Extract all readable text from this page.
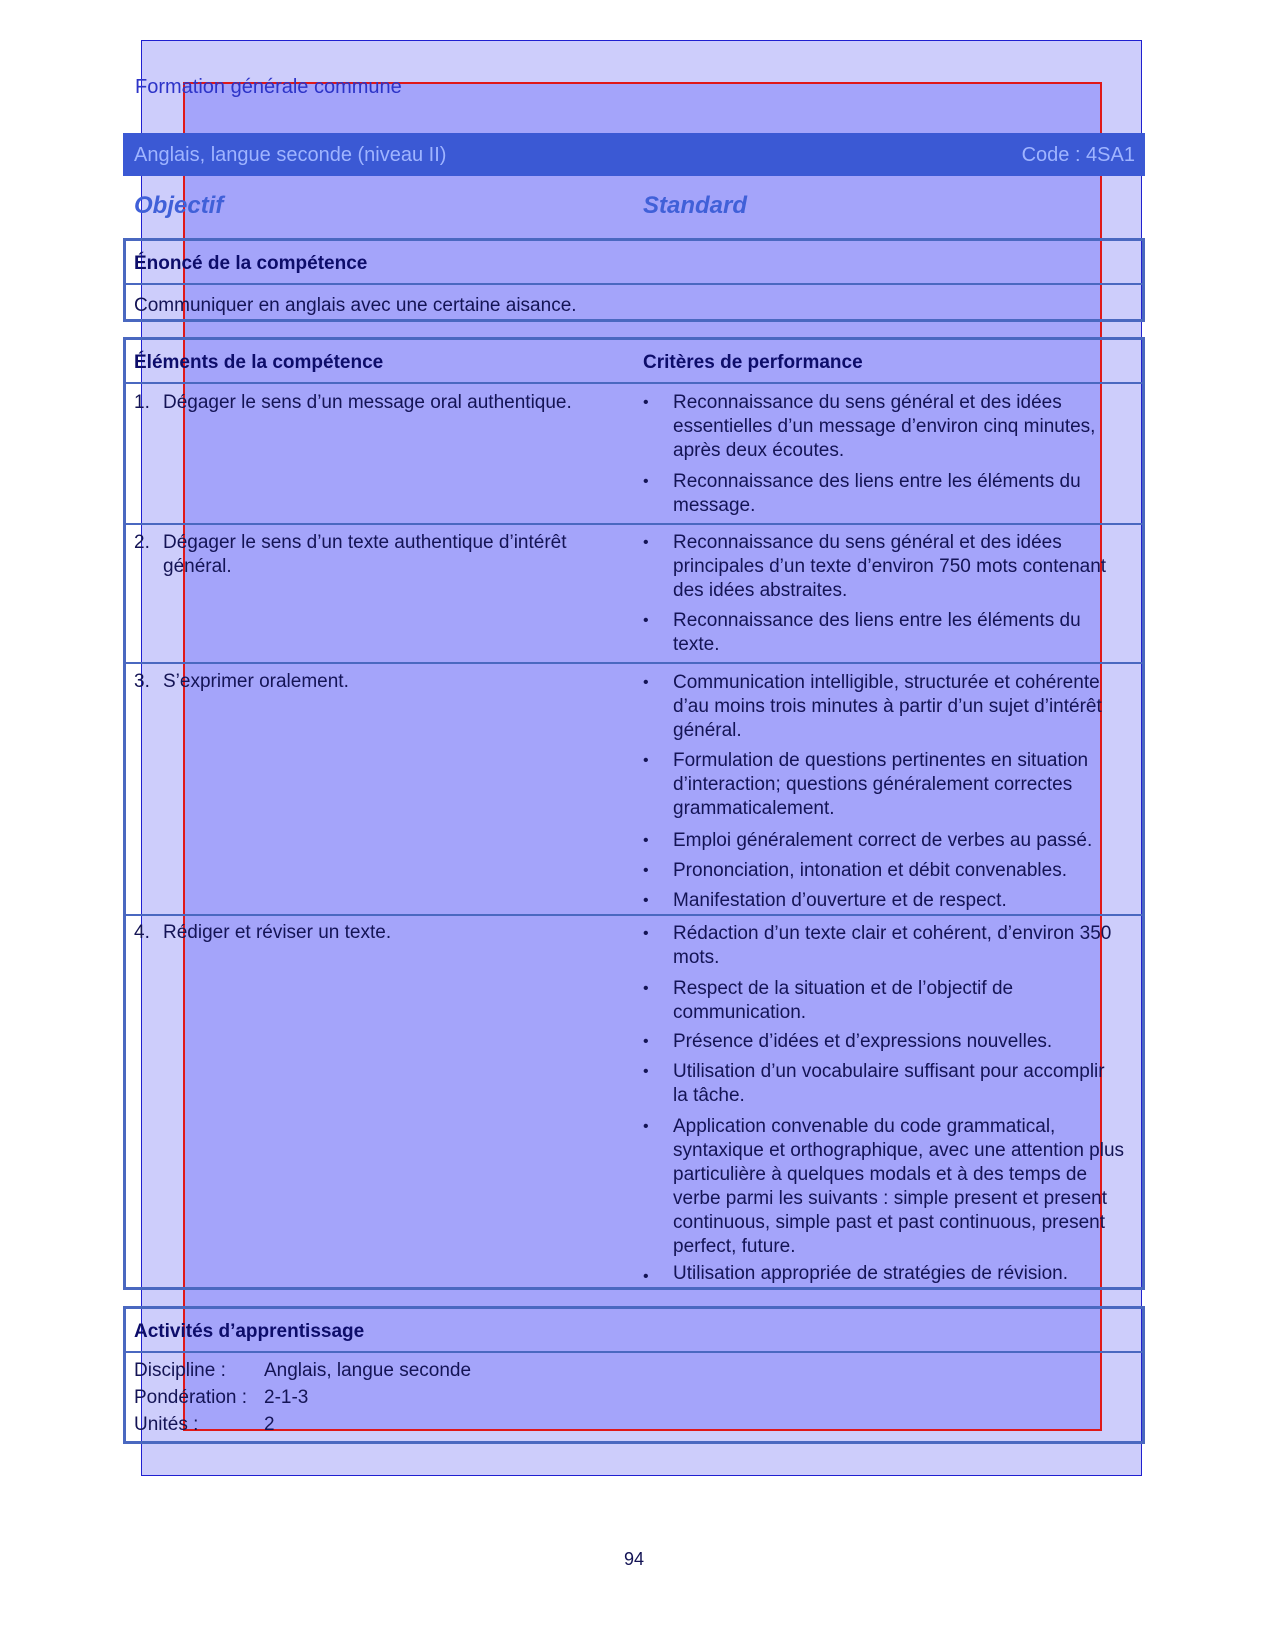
Formation générale commune
Anglais, langue seconde (niveau II)	Code : 4SA1
Objectif	Standard
Énoncé de la compétence
Communiquer en anglais avec une certaine aisance.
Éléments de la compétence	Critères de performance
1. Dégager le sens d’un message oral authentique.	• Reconnaissance du sens général et des idées essentielles d’un message d’environ cinq minutes, après deux écoutes.
• Reconnaissance des liens entre les éléments du message.
2. Dégager le sens d’un texte authentique d’intérêt général.
• Reconnaissance du sens général et des idées principales d’un texte d’environ 750 mots contenant des idées abstraites.
• Reconnaissance des liens entre les éléments du texte.
3. S’exprimer oralement.	• Communication intelligible, structurée et cohérente d’au moins trois minutes à partir d’un sujet d’intérêt général.
• Formulation de questions pertinentes en situation d’interaction; questions généralement correctes grammaticalement.
• Emploi généralement correct de verbes au passé.
• Prononciation, intonation et débit convenables.
• Manifestation d’ouverture et de respect.
4. Rédiger et réviser un texte.	• Rédaction d’un texte clair et cohérent, d’environ 350 mots.
• Respect de la situation et de l’objectif de communication.
• Présence d’idées et d’expressions nouvelles.
• Utilisation d’un vocabulaire suffisant pour accomplir la tâche.
• Application convenable du code grammatical, syntaxique et orthographique, avec une attention plus particulière à quelques modals et à des temps de verbe parmi les suivants : simple present et present continuous, simple past et past continuous, present perfect, future.
• Utilisation appropriée de stratégies de révision.
Activités d’apprentissage
Discipline : Anglais, langue seconde
Pondération : 2-1-3
Unités :	2
94
